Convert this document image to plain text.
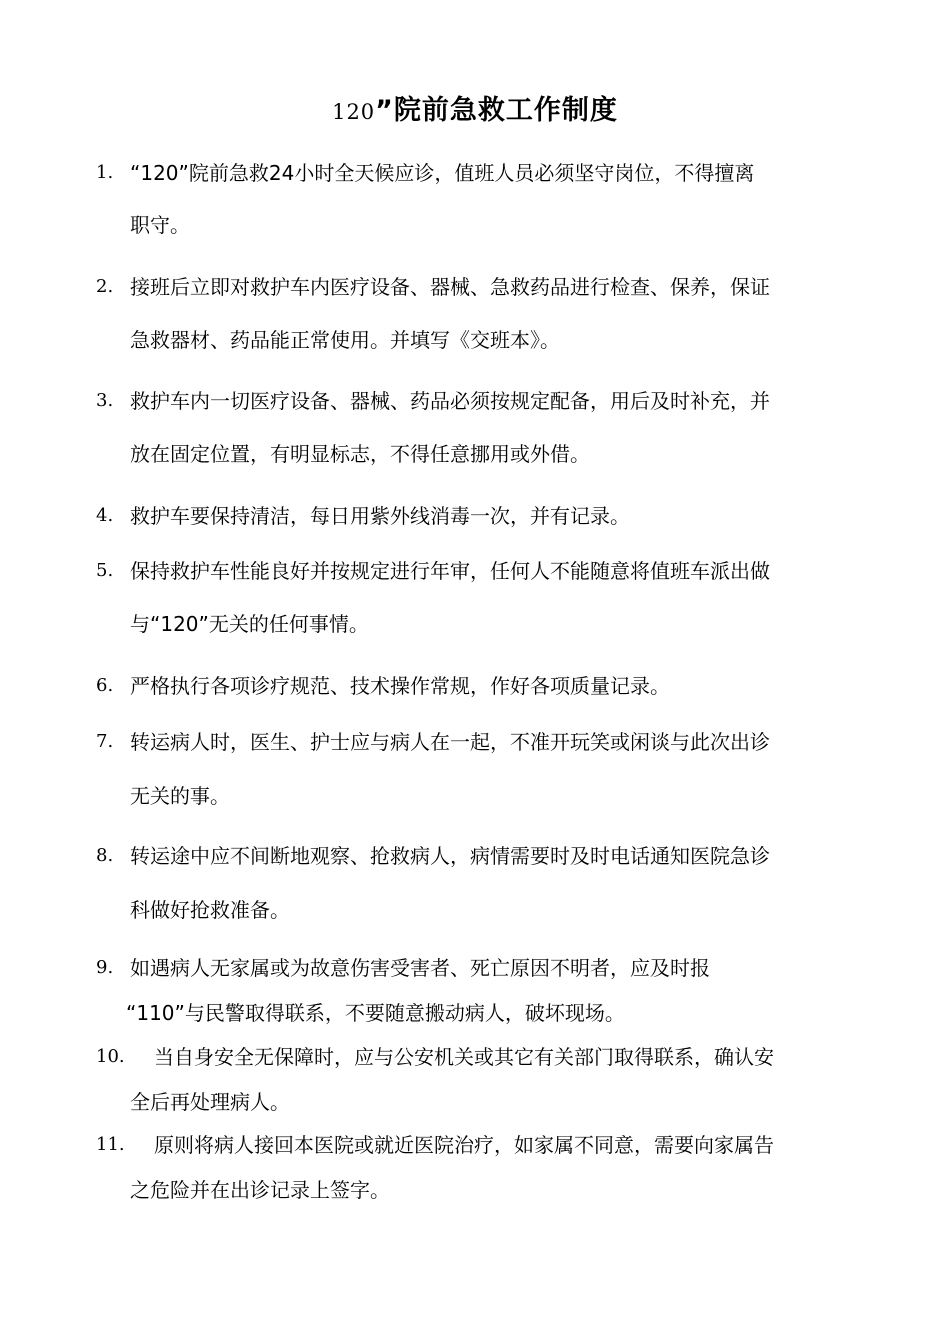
120”院前急救工作制度
1. “120”院前急救24小时全天候应诊，值班人员必须坚守岗位，不得擅离
职守。
2. 接班后立即对救护车内医疗设备、器械、急救药品进行检查、保养，保证
急救器材、药品能正常使用。并填写《交班本》。
3. 救护车内一切医疗设备、器械、药品必须按规定配备，用后及时补充，并
放在固定位置，有明显标志，不得任意挪用或外借。
4. 救护车要保持清洁，每日用紫外线消毒一次，并有记录。
5. 保持救护车性能良好并按规定进行年审，任何人不能随意将值班车派出做
与“120”无关的任何事情。
6. 严格执行各项诊疗规范、技术操作常规，作好各项质量记录。
7. 转运病人时，医生、护士应与病人在一起，不准开玩笑或闲谈与此次出诊
无关的事。
8. 转运途中应不间断地观察、抢救病人，病情需要时及时电话通知医院急诊
科做好抢救准备。
9. 如遇病人无家属或为故意伤害受害者、死亡原因不明者，应及时报
“110”与民警取得联系，不要随意搬动病人，破坏现场。
10. 当自身安全无保障时，应与公安机关或其它有关部门取得联系，确认安
全后再处理病人。
11. 原则将病人接回本医院或就近医院治疗，如家属不同意，需要向家属告
之危险并在出诊记录上签字。
